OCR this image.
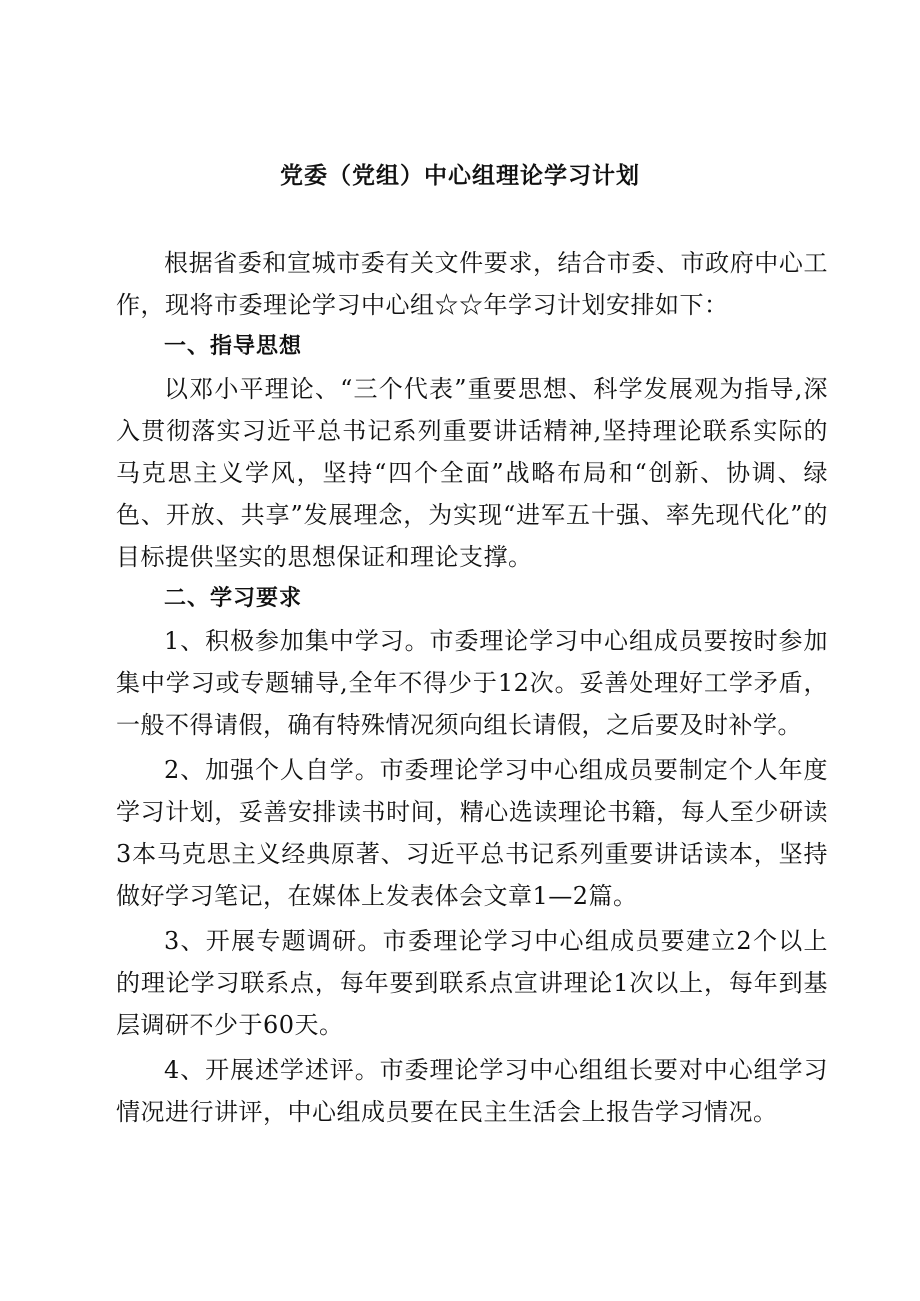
党委（党组）中心组理论学习计划

根据省委和宣城市委有关文件要求，结合市委、市政府中心工作，现将市委理论学习中心组☆☆年学习计划安排如下：

一、指导思想

以邓小平理论、“三个代表”重要思想、科学发展观为指导,深入贯彻落实习近平总书记系列重要讲话精神,坚持理论联系实际的马克思主义学风，坚持“四个全面”战略布局和“创新、协调、绿色、开放、共享”发展理念，为实现“进军五十强、率先现代化”的目标提供坚实的思想保证和理论支撑。

二、学习要求

1、积极参加集中学习。市委理论学习中心组成员要按时参加集中学习或专题辅导,全年不得少于12次。妥善处理好工学矛盾，一般不得请假，确有特殊情况须向组长请假，之后要及时补学。

2、加强个人自学。市委理论学习中心组成员要制定个人年度学习计划，妥善安排读书时间，精心选读理论书籍，每人至少研读3本马克思主义经典原著、习近平总书记系列重要讲话读本，坚持做好学习笔记，在媒体上发表体会文章1—2篇。

3、开展专题调研。市委理论学习中心组成员要建立2个以上的理论学习联系点，每年要到联系点宣讲理论1次以上，每年到基层调研不少于60天。

4、开展述学述评。市委理论学习中心组组长要对中心组学习情况进行讲评，中心组成员要在民主生活会上报告学习情况。
